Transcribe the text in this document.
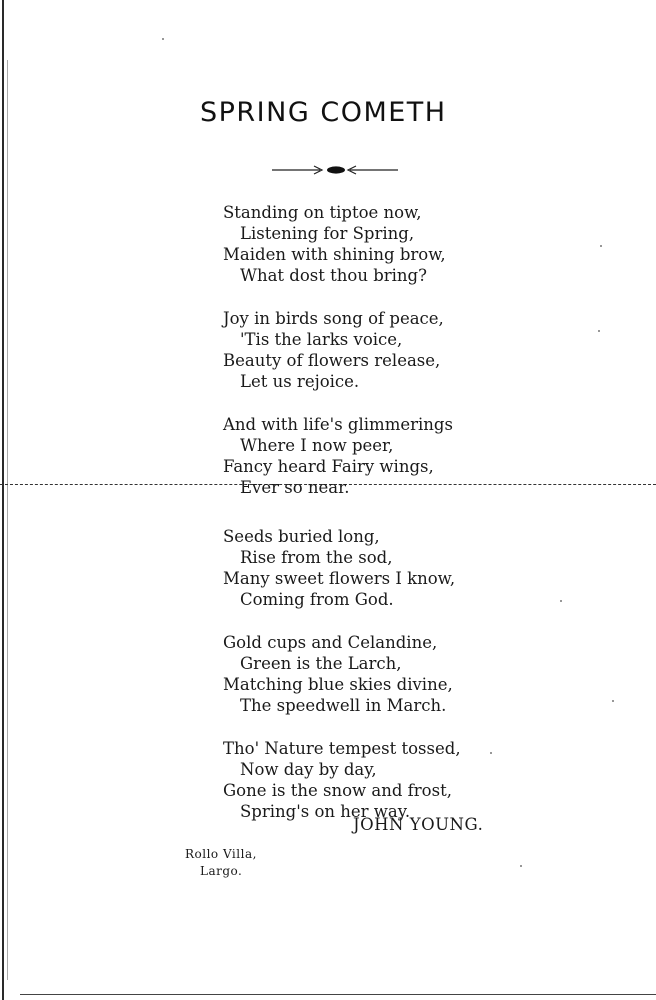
SPRING COMETH
Standing on tiptoe now,
Listening for Spring,
Maiden with shining brow,
What dost thou bring?
Joy in birds song of peace,
'Tis the larks voice,
Beauty of flowers release,
Let us rejoice.
And with life's glimmerings
Where I now peer,
Fancy heard Fairy wings,
Ever so near.
Seeds buried long,
Rise from the sod,
Many sweet flowers I know,
Coming from God.
Gold cups and Celandine,
Green is the Larch,
Matching blue skies divine,
The speedwell in March.
Tho' Nature tempest tossed,
Now day by day,
Gone is the snow and frost,
Spring's on her way.
JOHN YOUNG.
Rollo Villa,
Largo.
